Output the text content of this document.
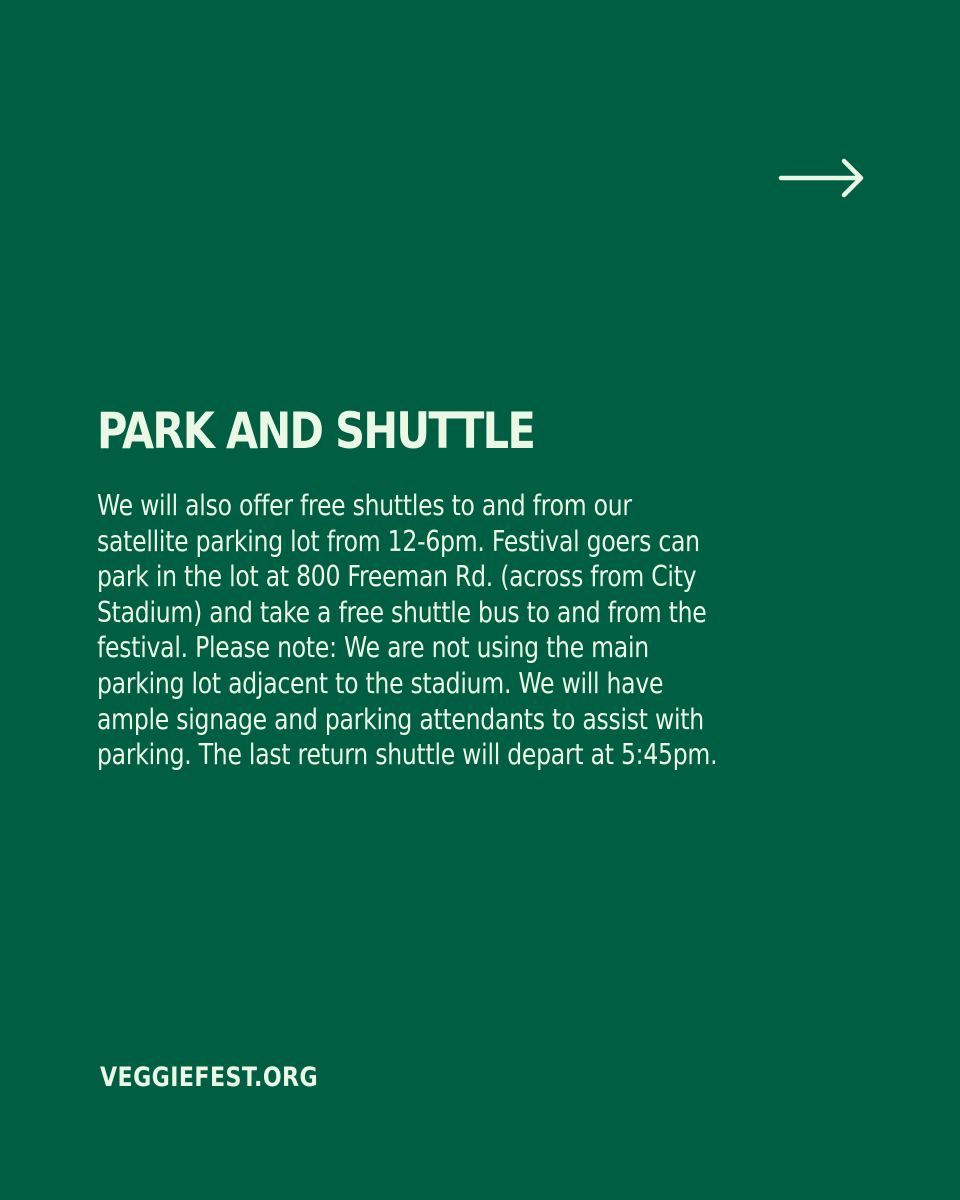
PARK AND SHUTTLE

We will also offer free shuttles to and from our
satellite parking lot from 12-6pm. Festival goers can
park in the lot at 800 Freeman Rd. (across from City
Stadium) and take a free shuttle bus to and from the
festival. Please note: We are not using the main
parking lot adjacent to the stadium. We will have
ample signage and parking attendants to assist with
parking. The last return shuttle will depart at 5:45pm.

VEGGIEFEST.ORG
